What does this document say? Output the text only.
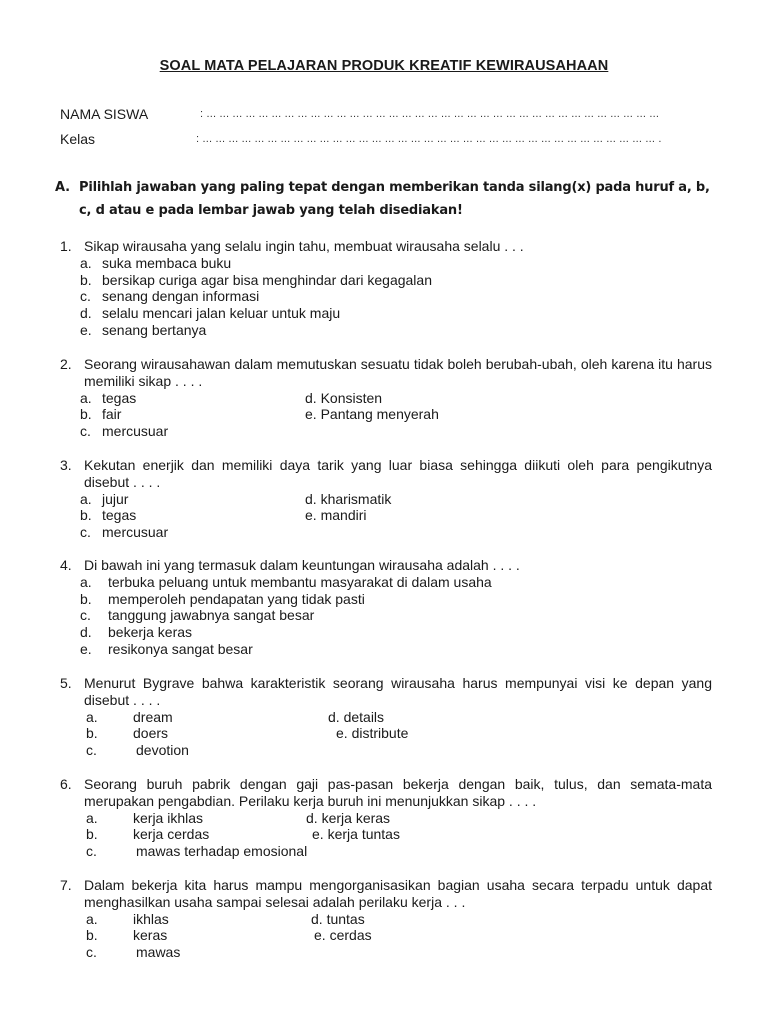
SOAL MATA PELAJARAN PRODUK KREATIF KEWIRAUSAHAAN
NAMA SISWA	: ... ... ... ... ... ... ... ... ... ... ... ... ... ... ... ... ... ... ... ... ... ... ... ... ... ... ... ... ... ... ... ... ... ... ...
Kelas	: ... ... ... ... ... ... ... ... ... ... ... ... ... ... ... ... ... ... ... ... ... ... ... ... ... ... ... ... ... ... ... ... ... ... ... .
A. Pilihlah jawaban yang paling tepat dengan memberikan tanda silang(x) pada huruf a, b, c, d atau e pada lembar jawab yang telah disediakan!
1. Sikap wirausaha yang selalu ingin tahu, membuat wirausaha selalu . . .
a. suka membaca buku
b. bersikap curiga agar bisa menghindar dari kegagalan
c. senang dengan informasi
d. selalu mencari jalan keluar untuk maju
e. senang bertanya
2. Seorang wirausahawan dalam memutuskan sesuatu tidak boleh berubah-ubah, oleh karena itu harus memiliki sikap . . . .
a. tegas	d. Konsisten
b. fair	e. Pantang menyerah
c. mercusuar
3. Kekutan enerjik dan memiliki daya tarik yang luar biasa sehingga diikuti oleh para pengikutnya disebut . . . .
a. jujur	d. kharismatik
b. tegas	e. mandiri
c. mercusuar
4. Di bawah ini yang termasuk dalam keuntungan wirausaha adalah . . . .
a. terbuka peluang untuk membantu masyarakat di dalam usaha
b. memperoleh pendapatan yang tidak pasti
c. tanggung jawabnya sangat besar
d. bekerja keras
e. resikonya sangat besar
5. Menurut Bygrave bahwa karakteristik seorang wirausaha harus mempunyai visi ke depan yang disebut . . . .
a.	dream	d. details
b.	doers	e. distribute
c.	devotion
6. Seorang buruh pabrik dengan gaji pas-pasan bekerja dengan baik, tulus, dan semata-mata merupakan pengabdian. Perilaku kerja buruh ini menunjukkan sikap . . . .
a.	kerja ikhlas	d. kerja keras
b.	kerja cerdas	e. kerja tuntas
c.	mawas terhadap emosional
7. Dalam bekerja kita harus mampu mengorganisasikan bagian usaha secara terpadu untuk dapat menghasilkan usaha sampai selesai adalah perilaku kerja . . .
a.	ikhlas	d. tuntas
b.	keras	e. cerdas
c.	mawas
